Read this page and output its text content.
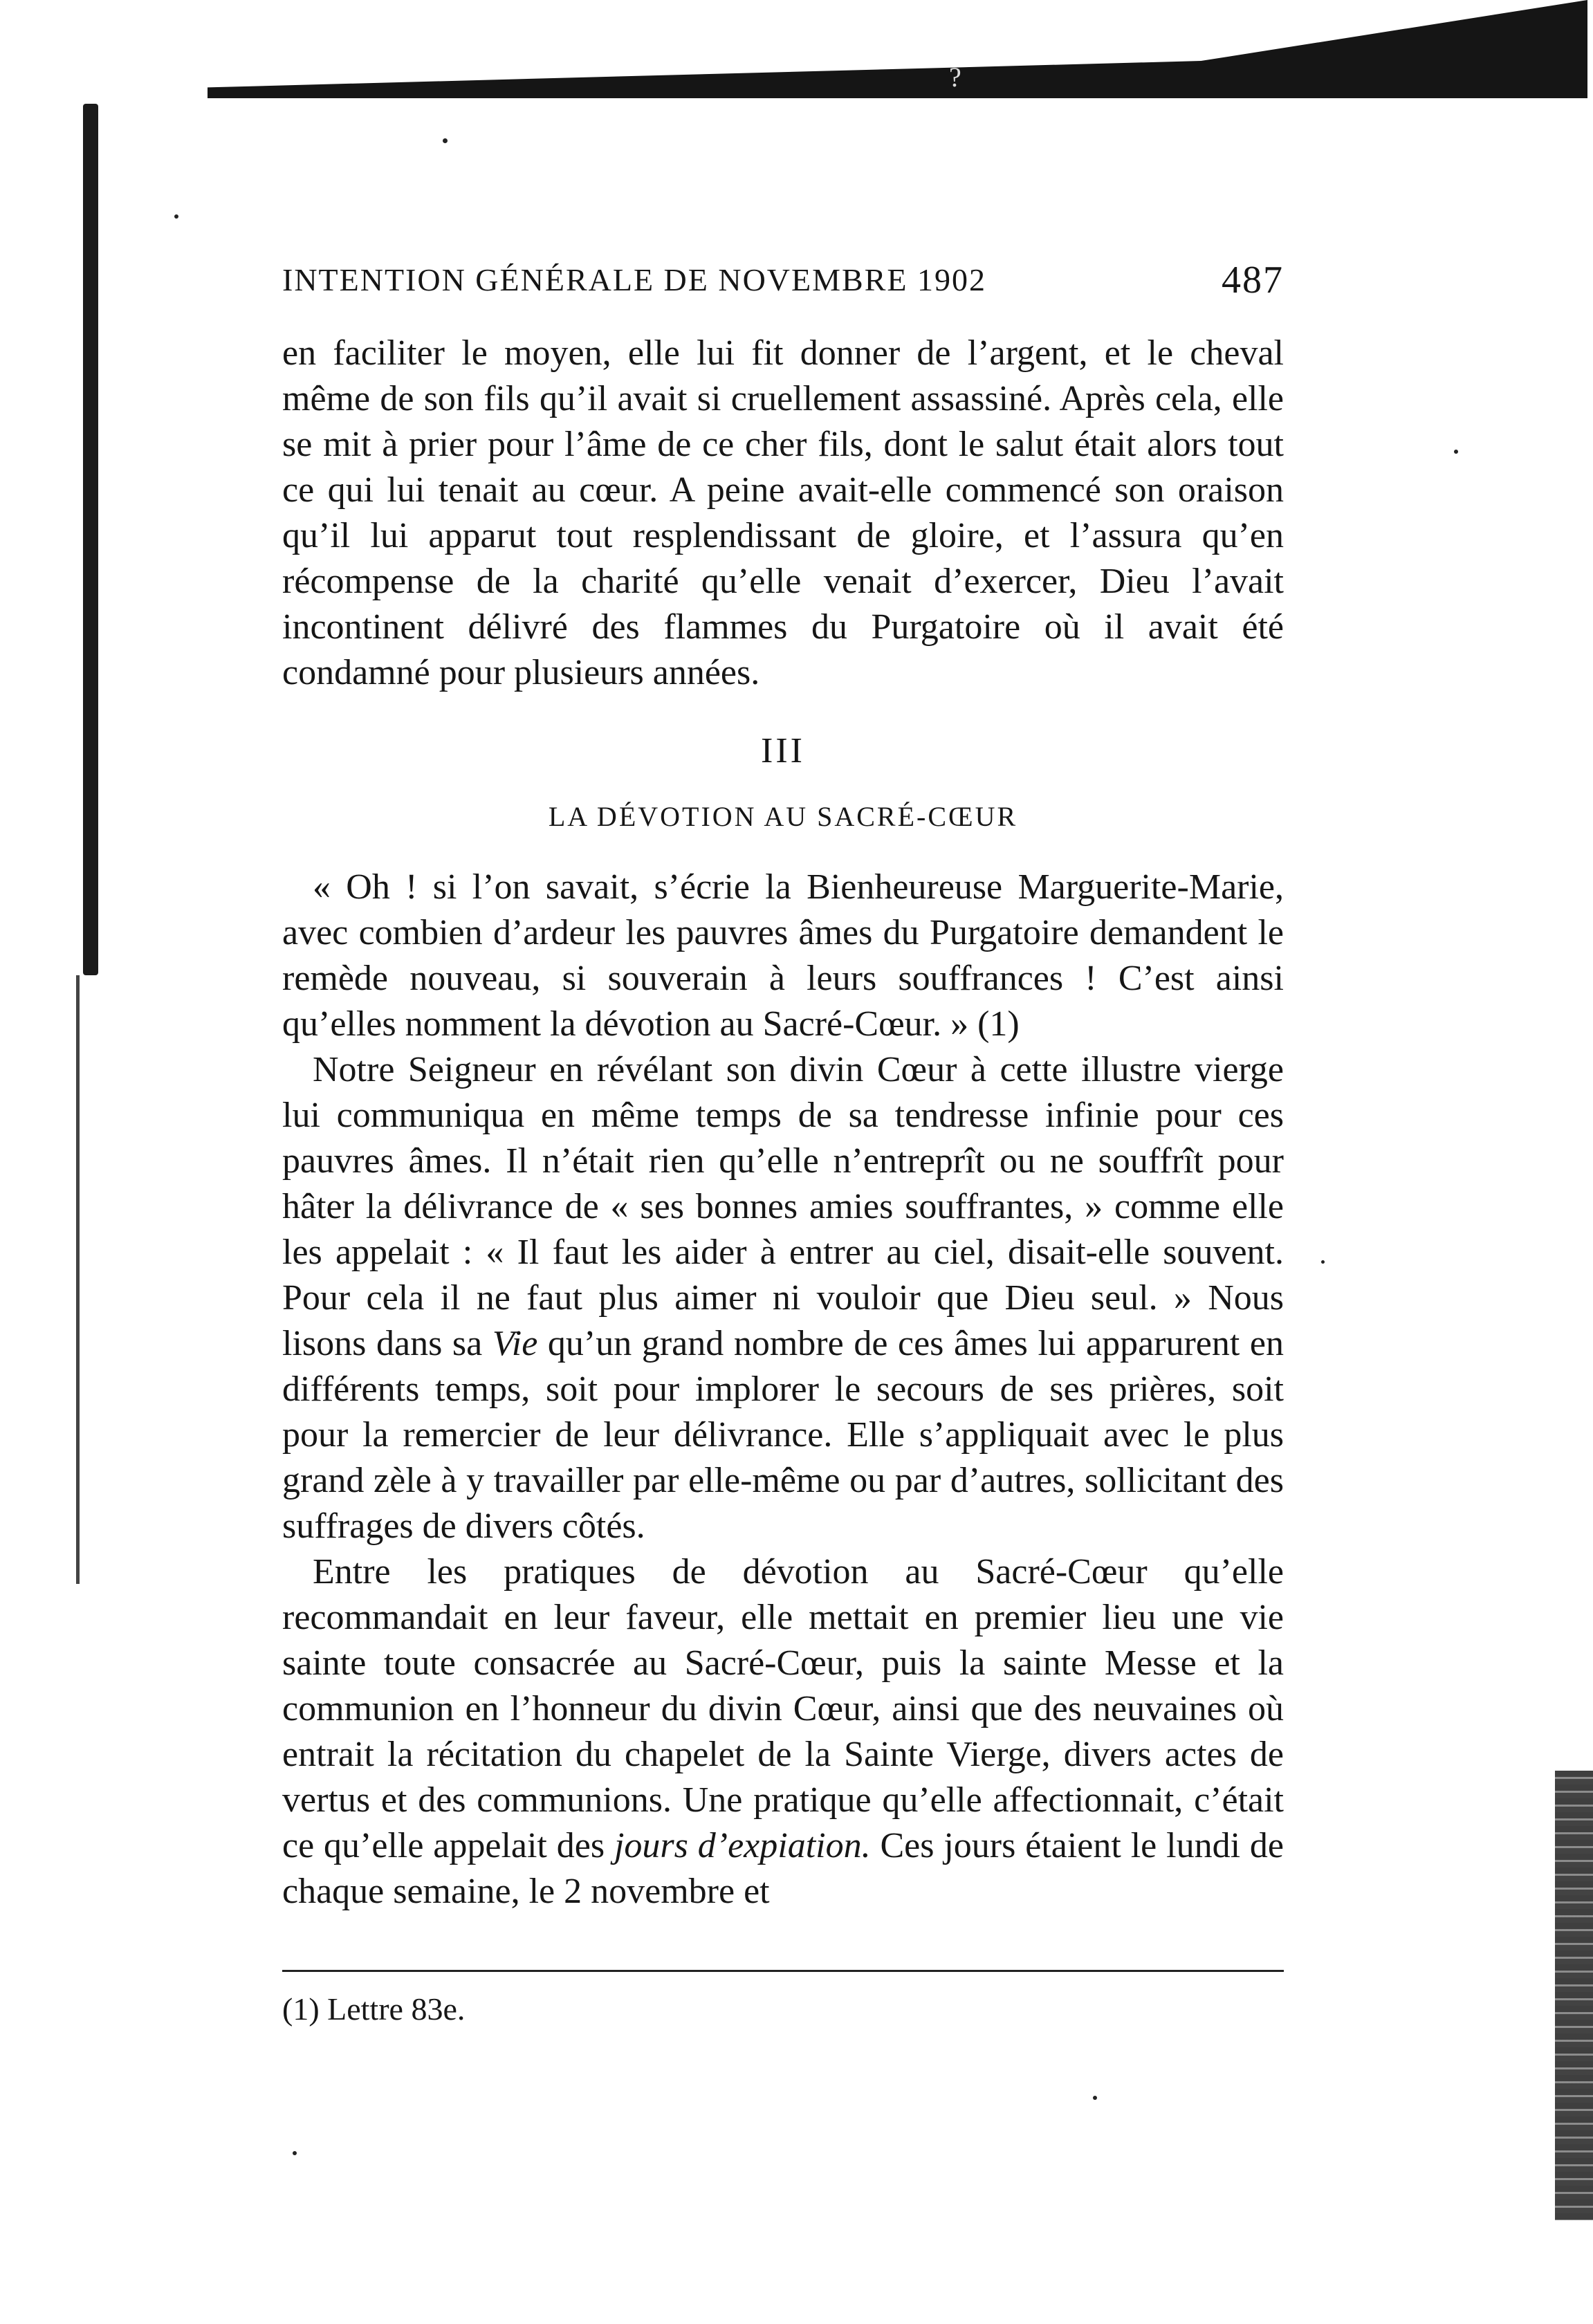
?
INTENTION GÉNÉRALE DE NOVEMBRE 1902	487

en faciliter le moyen, elle lui fit donner de l’argent, et le cheval même de son fils qu’il avait si cruellement assassiné. Après cela, elle se mit à prier pour l’âme de ce cher fils, dont le salut était alors tout ce qui lui tenait au cœur. A peine avait-elle commencé son oraison qu’il lui apparut tout resplendissant de gloire, et l’assura qu’en récompense de la charité qu’elle venait d’exercer, Dieu l’avait incontinent délivré des flammes du Purgatoire où il avait été condamné pour plusieurs années.

III
LA DÉVOTION AU SACRÉ-CŒUR

« Oh ! si l’on savait, s’écrie la Bienheureuse Marguerite-Marie, avec combien d’ardeur les pauvres âmes du Purgatoire demandent le remède nouveau, si souverain à leurs souffrances ! C’est ainsi qu’elles nomment la dévotion au Sacré-Cœur. » (1)

Notre Seigneur en révélant son divin Cœur à cette illustre vierge lui communiqua en même temps de sa tendresse infinie pour ces pauvres âmes. Il n’était rien qu’elle n’entreprît ou ne souffrît pour hâter la délivrance de « ses bonnes amies souffrantes, » comme elle les appelait : « Il faut les aider à entrer au ciel, disait-elle souvent. Pour cela il ne faut plus aimer ni vouloir que Dieu seul. » Nous lisons dans sa Vie qu’un grand nombre de ces âmes lui apparurent en différents temps, soit pour implorer le secours de ses prières, soit pour la remercier de leur délivrance. Elle s’appliquait avec le plus grand zèle à y travailler par elle-même ou par d’autres, sollicitant des suffrages de divers côtés.

Entre les pratiques de dévotion au Sacré-Cœur qu’elle recommandait en leur faveur, elle mettait en premier lieu une vie sainte toute consacrée au Sacré-Cœur, puis la sainte Messe et la communion en l’honneur du divin Cœur, ainsi que des neuvaines où entrait la récitation du chapelet de la Sainte Vierge, divers actes de vertus et des communions. Une pratique qu’elle affectionnait, c’était ce qu’elle appelait des jours d’expiation. Ces jours étaient le lundi de chaque semaine, le 2 novembre et

(1) Lettre 83e.
